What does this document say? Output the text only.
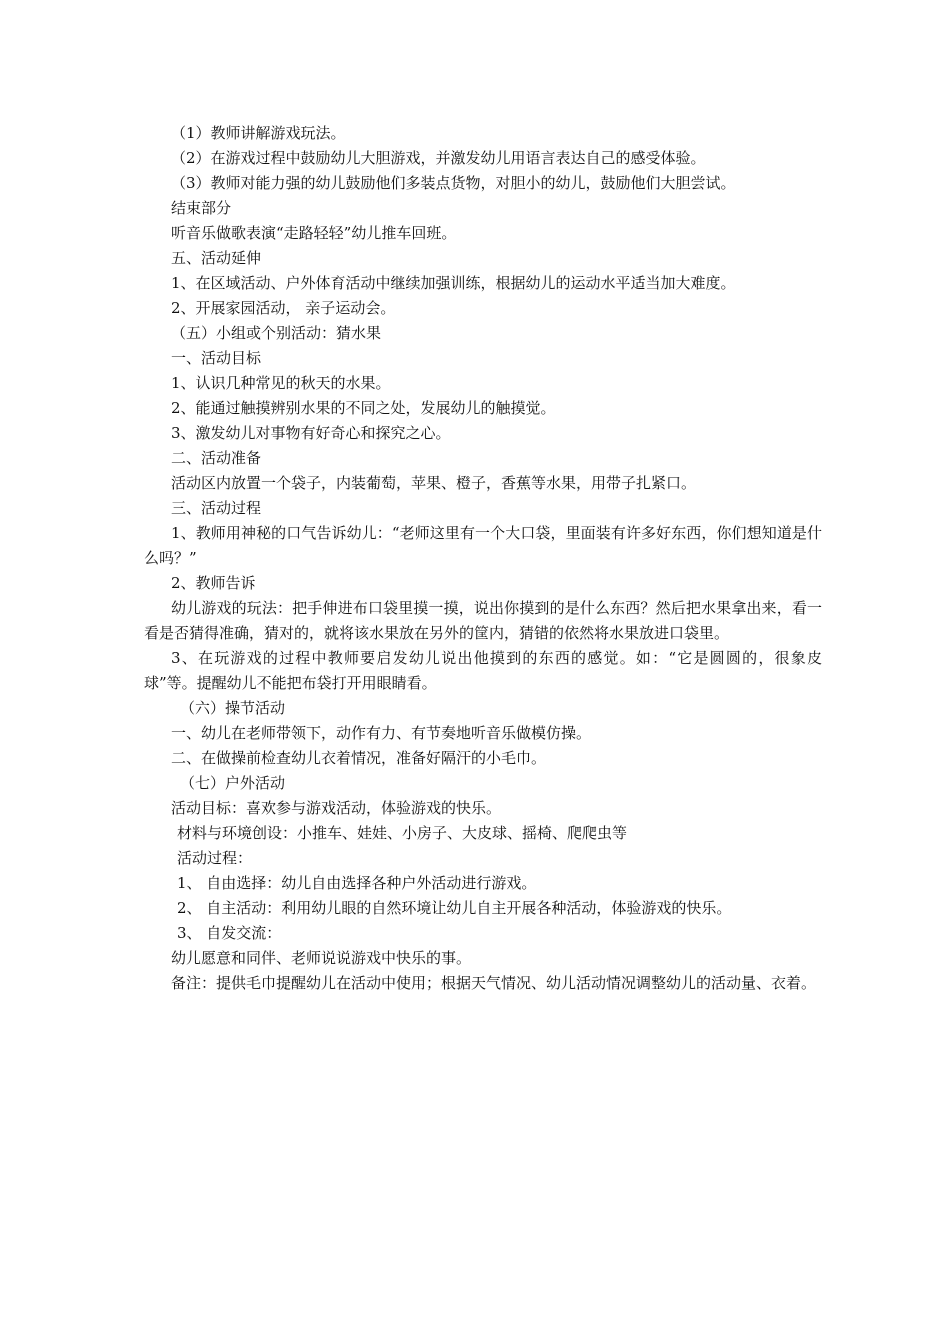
（1）教师讲解游戏玩法。

（2）在游戏过程中鼓励幼儿大胆游戏，并激发幼儿用语言表达自己的感受体验。

（3）教师对能力强的幼儿鼓励他们多装点货物，对胆小的幼儿，鼓励他们大胆尝试。

结束部分

听音乐做歌表演“走路轻轻”幼儿推车回班。

五、活动延伸

1、在区域活动、户外体育活动中继续加强训练，根据幼儿的运动水平适当加大难度。

2、开展家园活动， 亲子运动会。

（五）小组或个别活动：猜水果

一、活动目标

1、认识几种常见的秋天的水果。

2、能通过触摸辨别水果的不同之处，发展幼儿的触摸觉。

3、激发幼儿对事物有好奇心和探究之心。

二、活动准备

活动区内放置一个袋子，内装葡萄，苹果、橙子，香蕉等水果，用带子扎紧口。

三、活动过程

1、教师用神秘的口气告诉幼儿：“老师这里有一个大口袋，里面装有许多好东西，你们想知道是什么吗？”

2、教师告诉

幼儿游戏的玩法：把手伸进布口袋里摸一摸，说出你摸到的是什么东西？然后把水果拿出来，看一看是否猜得准确，猜对的，就将该水果放在另外的筐内，猜错的依然将水果放进口袋里。

3、在玩游戏的过程中教师要启发幼儿说出他摸到的东西的感觉。如：“它是圆圆的，很象皮球”等。提醒幼儿不能把布袋打开用眼睛看。

（六）操节活动

一、幼儿在老师带领下，动作有力、有节奏地听音乐做模仿操。

二、在做操前检查幼儿衣着情况，准备好隔汗的小毛巾。

（七）户外活动

活动目标：喜欢参与游戏活动，体验游戏的快乐。

材料与环境创设：小推车、娃娃、小房子、大皮球、摇椅、爬爬虫等

活动过程：

1、 自由选择：幼儿自由选择各种户外活动进行游戏。

2、 自主活动：利用幼儿眼的自然环境让幼儿自主开展各种活动，体验游戏的快乐。

3、 自发交流：

幼儿愿意和同伴、老师说说游戏中快乐的事。

备注：提供毛巾提醒幼儿在活动中使用；根据天气情况、幼儿活动情况调整幼儿的活动量、衣着。
